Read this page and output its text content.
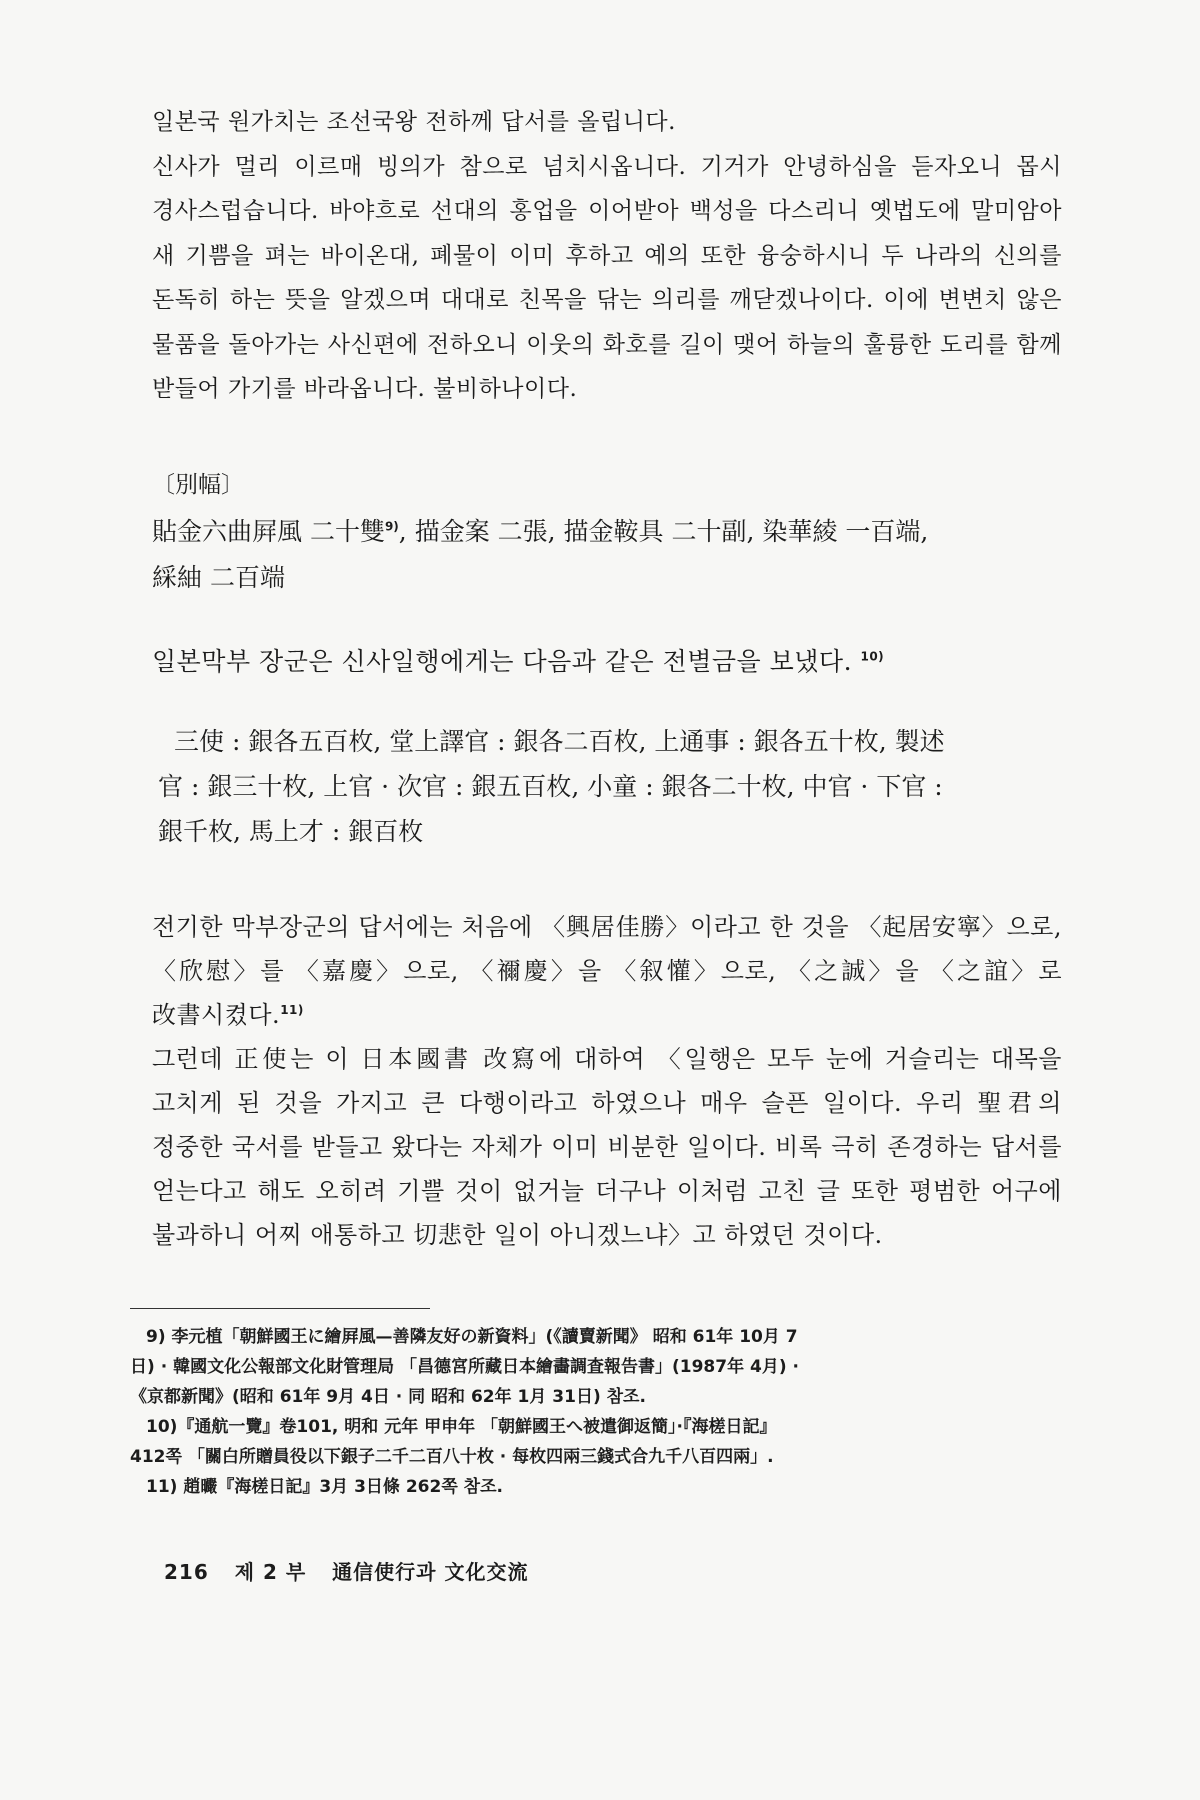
일본국 원가치는 조선국왕 전하께 답서를 올립니다.

신사가 멀리 이르매 빙의가 참으로 넘치시옵니다. 기거가 안녕하심을 듣자오니 몹시 경사스럽습니다. 바야흐로 선대의 홍업을 이어받아 백성을 다스리니 옛법도에 말미암아 새 기쁨을 펴는 바이온대, 폐물이 이미 후하고 예의 또한 융숭하시니 두 나라의 신의를 돈독히 하는 뜻을 알겠으며 대대로 친목을 닦는 의리를 깨닫겠나이다. 이에 변변치 않은 물품을 돌아가는 사신편에 전하오니 이웃의 화호를 길이 맺어 하늘의 훌륭한 도리를 함께 받들어 가기를 바라옵니다. 불비하나이다.

〔別幅〕

貼金六曲屛風 二十雙$^{9)}$, 描金案 二張, 描金鞍具 二十副, 染華綾 一百端,

綵紬 二百端

일본막부 장군은 신사일행에게는 다음과 같은 전별금을 보냈다. $^{10)}$

三使 : 銀各五百枚, 堂上譯官 : 銀各二百枚, 上通事 : 銀各五十枚, 製述

官 : 銀三十枚, 上官 · 次官 : 銀五百枚, 小童 : 銀各二十枚, 中官 · 下官 :

銀千枚, 馬上才 : 銀百枚

전기한 막부장군의 답서에는 처음에 〈興居佳勝〉이라고 한 것을 〈起居安寧〉으로, 〈欣慰〉를 〈嘉慶〉으로, 〈禰慶〉을 〈叙懽〉으로, 〈之誠〉을 〈之誼〉로 改書시켰다.$^{11)}$

그런데 正使는 이 日本國書 改寫에 대하여 〈일행은 모두 눈에 거슬리는 대목을 고치게 된 것을 가지고 큰 다행이라고 하였으나 매우 슬픈 일이다. 우리 聖君의 정중한 국서를 받들고 왔다는 자체가 이미 비분한 일이다. 비록 극히 존경하는 답서를 얻는다고 해도 오히려 기쁠 것이 없거늘 더구나 이처럼 고친 글 또한 평범한 어구에 불과하니 어찌 애통하고 切悲한 일이 아니겠느냐〉고 하였던 것이다.

9) 李元植「朝鮮國王に繪屛風—善隣友好の新資料」(《讀賣新聞》 昭和 61年 10月 7
日) · 韓國文化公報部文化財管理局 「昌德宮所藏日本繪畵調査報告書」(1987年 4月) ·
《京都新聞》(昭和 61年 9月 4日 · 同 昭和 62年 1月 31日) 참조.

10)『通航一覽』卷101, 明和 元年 甲申年 「朝鮮國王へ被遣御返簡」·『海槎日記』
412쪽 「關白所贈員役以下銀子二千二百八十枚 · 每枚四兩三錢式合九千八百四兩」.

11) 趙曮『海槎日記』3月 3日條 262쪽 참조.

216 제 2 부 通信使行과 文化交流
